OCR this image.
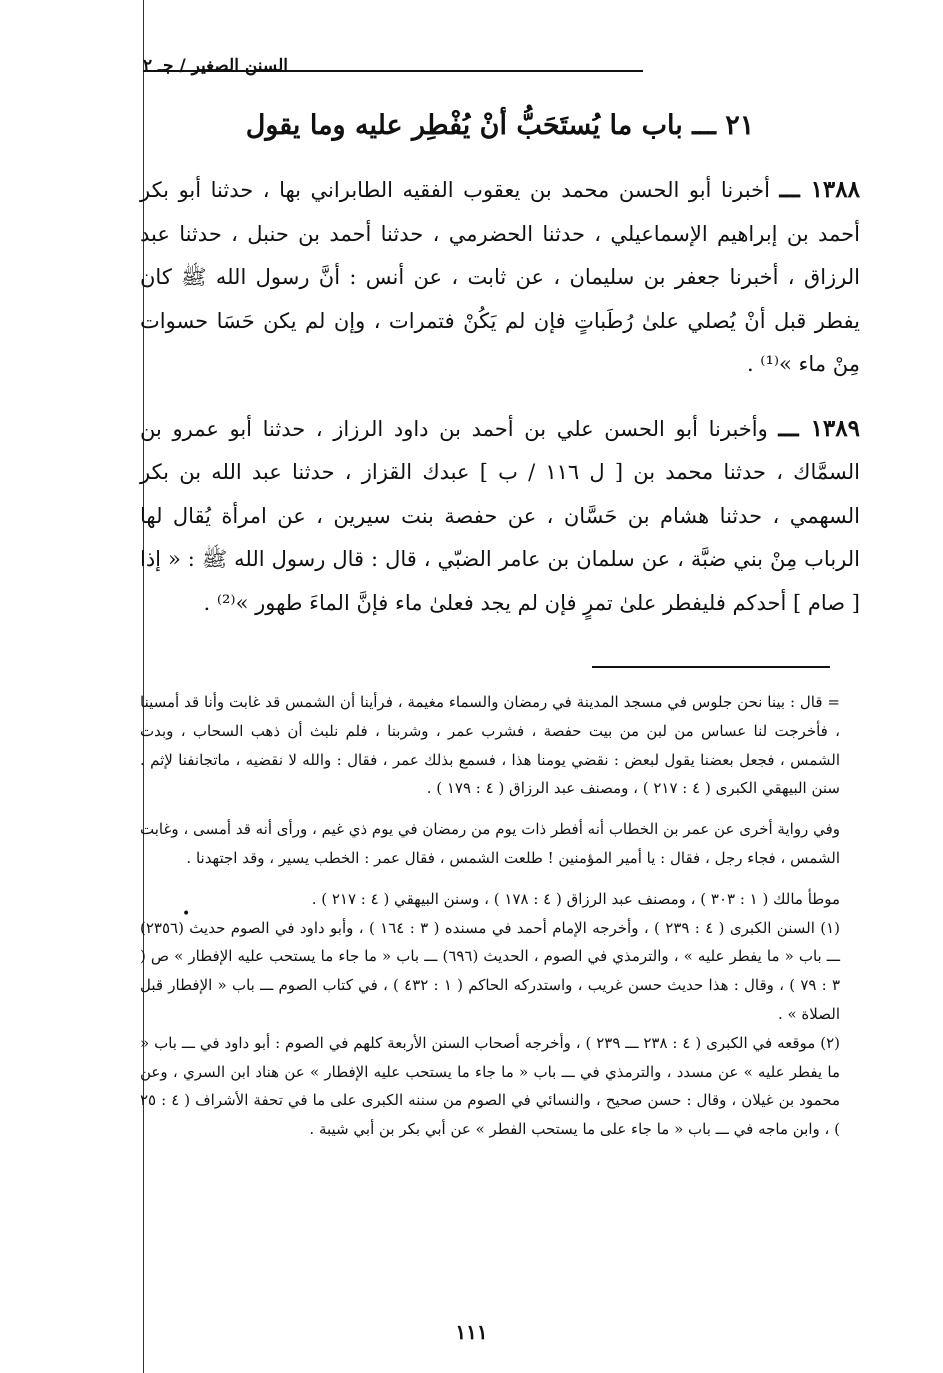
السنن الصغير / جـ ٢
٢١ ـــ باب ما يُستَحَبُّ أنْ يُفْطِر عليه وما يقول

١٣٨٨ ـــ أخبرنا أبو الحسن محمد بن يعقوب الفقيه الطابراني بها ، حدثنا أبو بكر أحمد بن إبراهيم الإسماعيلي ، حدثنا الحضرمي ، حدثنا أحمد بن حنبل ، حدثنا عبد الرزاق ، أخبرنا جعفر بن سليمان ، عن ثابت ، عن أنس : أنَّ رسول الله ﷺ كان يفطر قبل أنْ يُصلي علىٰ رُطَباتٍ فإن لم يَكُنْ فتمرات ، وإن لم يكن حَسَا حسوات مِنْ ماء »⁽¹⁾ .

١٣٨٩ ـــ وأخبرنا أبو الحسن علي بن أحمد بن داود الرزاز ، حدثنا أبو عمرو بن السمَّاك ، حدثنا محمد بن [ ل ١١٦ / ب ] عبدك القزاز ، حدثنا عبد الله بن بكر السهمي ، حدثنا هشام بن حَسَّان ، عن حفصة بنت سيرين ، عن امرأة يُقال لها الرباب مِنْ بني ضبَّة ، عن سلمان بن عامر الضبّي ، قال : قال رسول الله ﷺ : « إذا [ صام ] أحدكم فليفطر علىٰ تمرٍ فإن لم يجد فعلىٰ ماء فإنَّ الماءَ طهور »⁽²⁾ .

= قال : بينا نحن جلوس في مسجد المدينة في رمضان والسماء مغيمة ، فرأينا أن الشمس قد غابت وأنا قد أمسينا ، فأخرجت لنا عساس من لبن من بيت حفصة ، فشرب عمر ، وشربنا ، فلم نلبث أن ذهب السحاب ، وبدت الشمس ، فجعل بعضنا يقول لبعض : نقضي يومنا هذا ، فسمع بذلك عمر ، فقال : والله لا نقضيه ، ماتجانفنا لإثم . سنن البيهقي الكبرى ( ٤ : ٢١٧ ) ، ومصنف عبد الرزاق ( ٤ : ١٧٩ ) .

وفي رواية أخرى عن عمر بن الخطاب أنه أفطر ذات يوم من رمضان في يوم ذي غيم ، ورأى أنه قد أمسى ، وغابت الشمس ، فجاء رجل ، فقال : يا أمير المؤمنين ! طلعت الشمس ، فقال عمر : الخطب يسير ، وقد اجتهدنا .

موطأ مالك ( ١ : ٣٠٣ ) ، ومصنف عبد الرزاق ( ٤ : ١٧٨ ) ، وسنن البيهقي ( ٤ : ٢١٧ ) .

(١) السنن الكبرى ( ٤ : ٢٣٩ ) ، وأخرجه الإمام أحمد في مسنده ( ٣ : ١٦٤ ) ، وأبو داود في الصوم حديث (٢٣٥٦) ـــ باب « ما يفطر عليه » ، والترمذي في الصوم ، الحديث (٦٩٦) ـــ باب « ما جاء ما يستحب عليه الإفطار » ص ( ٣ : ٧٩ ) ، وقال : هذا حديث حسن غريب ، واستدركه الحاكم ( ١ : ٤٣٢ ) ، في كتاب الصوم ـــ باب « الإفطار قبل الصلاة » .

(٢) موقعه في الكبرى ( ٤ : ٢٣٨ ـــ ٢٣٩ ) ، وأخرجه أصحاب السنن الأربعة كلهم في الصوم : أبو داود في ـــ باب « ما يفطر عليه » عن مسدد ، والترمذي في ـــ باب « ما جاء ما يستحب عليه الإفطار » عن هناد ابن السري ، وعن محمود بن غيلان ، وقال : حسن صحيح ، والنسائي في الصوم من سننه الكبرى على ما في تحفة الأشراف ( ٤ : ٢٥ ) ، وابن ماجه في ـــ باب « ما جاء على ما يستحب الفطر » عن أبي بكر بن أبي شيبة .

•
١١١
